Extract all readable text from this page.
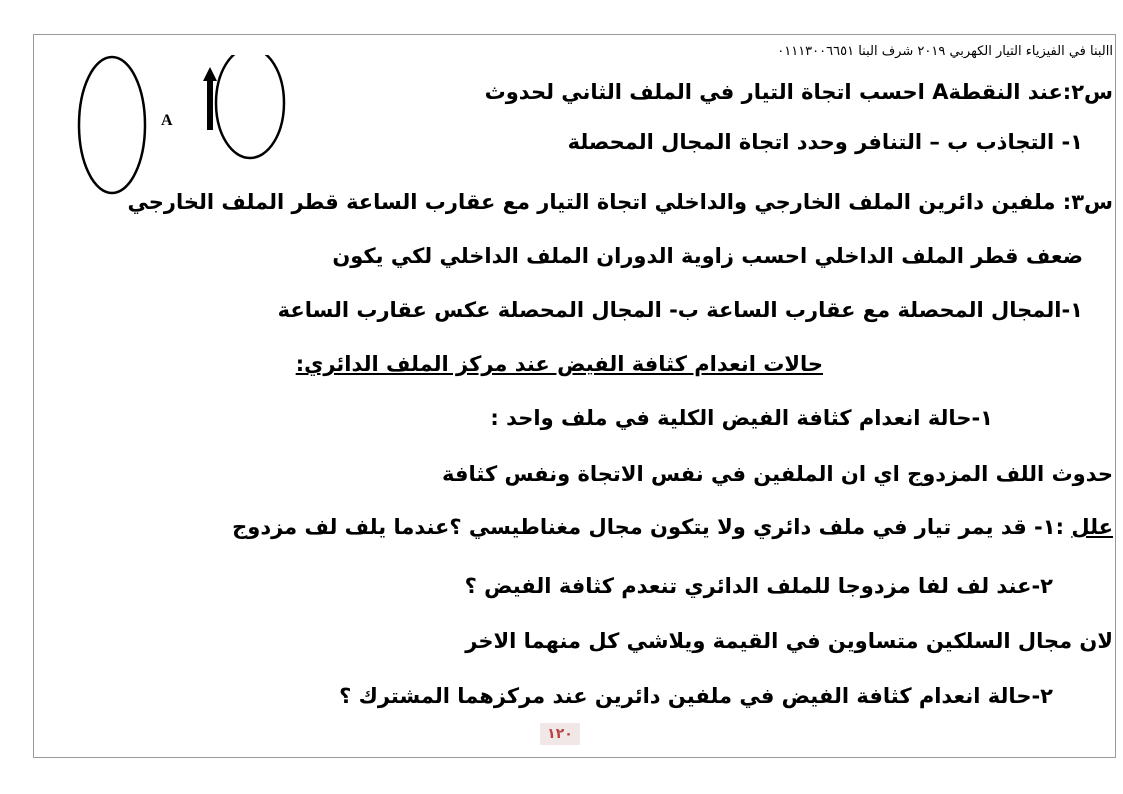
االبنا في الفيزياء التيار الكهربي ٢٠١٩ شرف البنا ٠١١١٣٠٠٦٦٥١
A
س٢:عند النقطةA احسب اتجاة التيار في الملف الثاني لحدوث
١- التجاذب ب – التنافر وحدد اتجاة المجال المحصلة
س٣: ملفين دائرين الملف الخارجي والداخلي اتجاة التيار مع عقارب الساعة قطر الملف الخارجي
ضعف قطر الملف الداخلي احسب زاوية الدوران الملف الداخلي لكي يكون
١-المجال المحصلة مع عقارب الساعة ب- المجال المحصلة عكس عقارب الساعة
حالات انعدام كثافة الفيض عند مركز الملف الدائري:
١-حالة انعدام كثافة الفيض الكلية في ملف واحد :
حدوث اللف المزدوج اي ان الملفين في نفس الاتجاة ونفس كثافة
علل :١- قد يمر تيار في ملف دائري ولا يتكون مجال مغناطيسي ؟عندما يلف لف مزدوج
٢-عند لف لفا مزدوجا للملف الدائري تنعدم كثافة الفيض ؟
لان مجال السلكين متساوين في القيمة ويلاشي كل منهما الاخر
٢-حالة انعدام كثافة الفيض في ملفين دائرين عند مركزهما المشترك ؟
١٢٠
